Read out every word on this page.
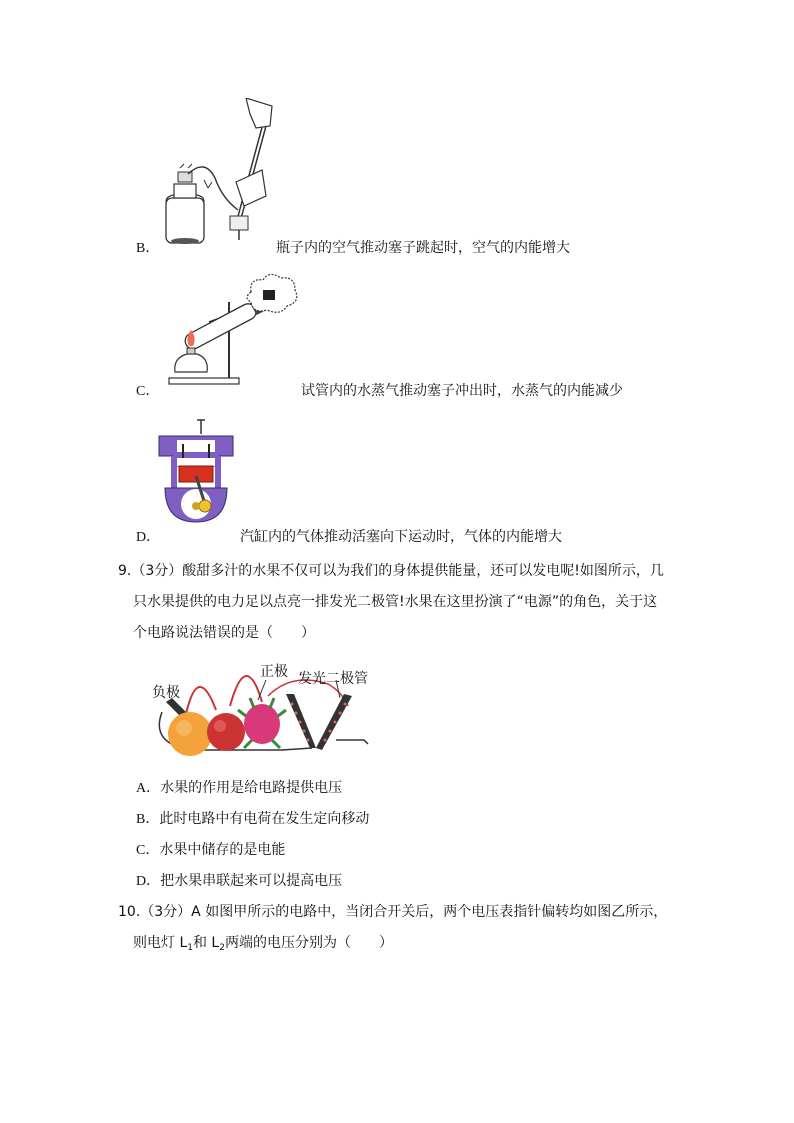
B．	瓶子内的空气推动塞子跳起时，空气的内能增大
C．	试管内的水蒸气推动塞子冲出时，水蒸气的内能减少
D．	汽缸内的气体推动活塞向下运动时，气体的内能增大
9.（3分）酸甜多汁的水果不仅可以为我们的身体提供能量，还可以发电呢!如图所示，几
只水果提供的电力足以点亮一排发光二极管!水果在这里扮演了“电源”的角色，关于这
个电路说法错误的是（　　）
负极
正极 发光二极管
A．水果的作用是给电路提供电压
B．此时电路中有电荷在发生定向移动
C．水果中储存的是电能
D．把水果串联起来可以提高电压
10.（3分）A 如图甲所示的电路中，当闭合开关后，两个电压表指针偏转均如图乙所示，
则电灯 $L_1$和 $L_2$两端的电压分别为（　　）
